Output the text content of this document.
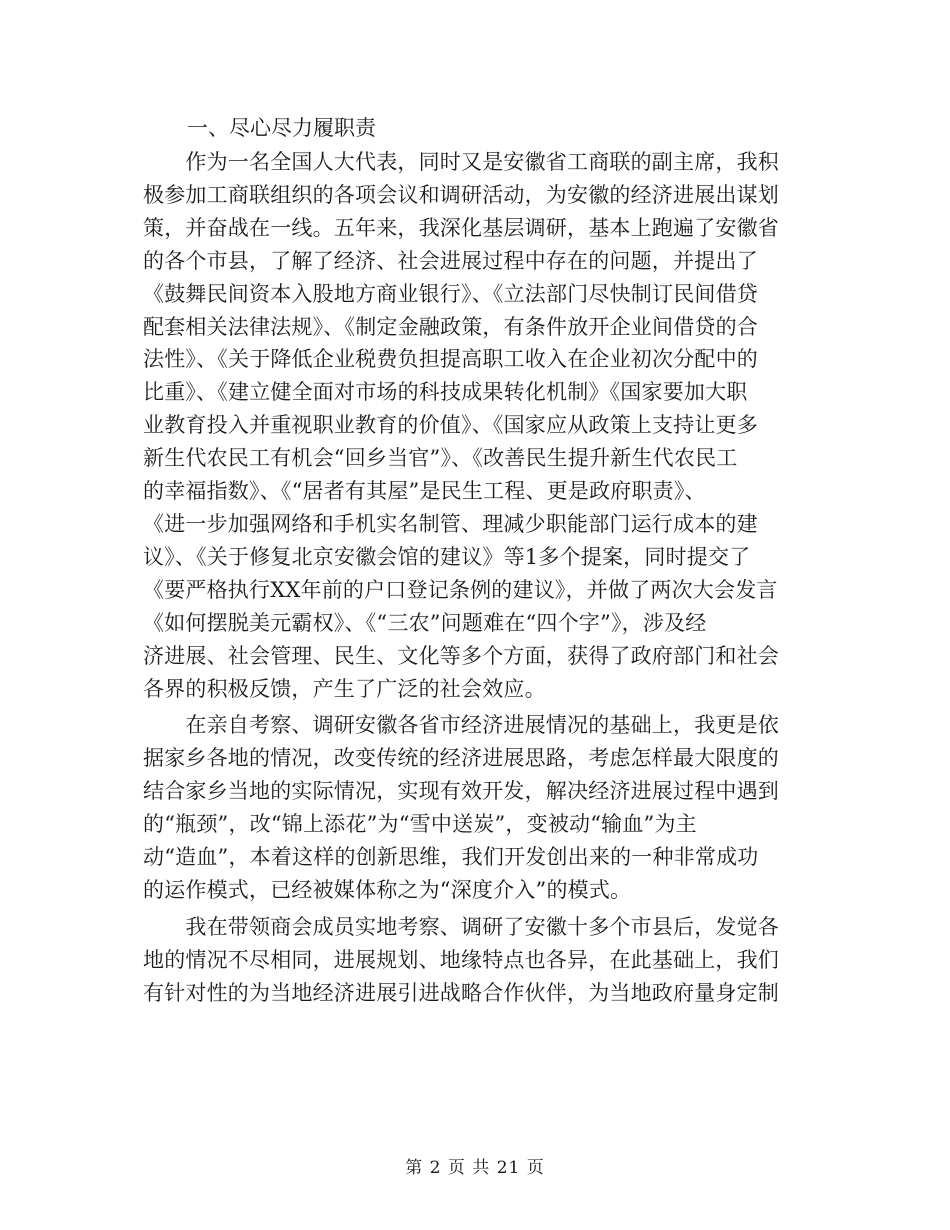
一、尽心尽力履职责

　　作为一名全国人大代表，同时又是安徽省工商联的副主席，我积

极参加工商联组织的各项会议和调研活动，为安徽的经济进展出谋划

策，并奋战在一线。五年来，我深化基层调研，基本上跑遍了安徽省

的各个市县，了解了经济、社会进展过程中存在的问题，并提出了

《鼓舞民间资本入股地方商业银行》、《立法部门尽快制订民间借贷

配套相关法律法规》、《制定金融政策，有条件放开企业间借贷的合

法性》、《关于降低企业税费负担提高职工收入在企业初次分配中的

比重》、《建立健全面对市场的科技成果转化机制》《国家要加大职

业教育投入并重视职业教育的价值》、《国家应从政策上支持让更多

新生代农民工有机会“回乡当官”》、《改善民生提升新生代农民工

的幸福指数》、《“居者有其屋”是民生工程、更是政府职责》、

《进一步加强网络和手机实名制管、理减少职能部门运行成本的建

议》、《关于修复北京安徽会馆的建议》等1多个提案，同时提交了

《要严格执行XX年前的户口登记条例的建议》，并做了两次大会发言

《如何摆脱美元霸权》、《“三农”问题难在“四个字”》，涉及经

济进展、社会管理、民生、文化等多个方面，获得了政府部门和社会

各界的积极反馈，产生了广泛的社会效应。

　　在亲自考察、调研安徽各省市经济进展情况的基础上，我更是依

据家乡各地的情况，改变传统的经济进展思路，考虑怎样最大限度的

结合家乡当地的实际情况，实现有效开发，解决经济进展过程中遇到

的“瓶颈”，改“锦上添花”为“雪中送炭”，变被动“输血”为主

动“造血”，本着这样的创新思维，我们开发创出来的一种非常成功

的运作模式，已经被媒体称之为“深度介入”的模式。

　　我在带领商会成员实地考察、调研了安徽十多个市县后，发觉各

地的情况不尽相同，进展规划、地缘特点也各异，在此基础上，我们

有针对性的为当地经济进展引进战略合作伙伴，为当地政府量身定制

第 2 页 共 21 页
